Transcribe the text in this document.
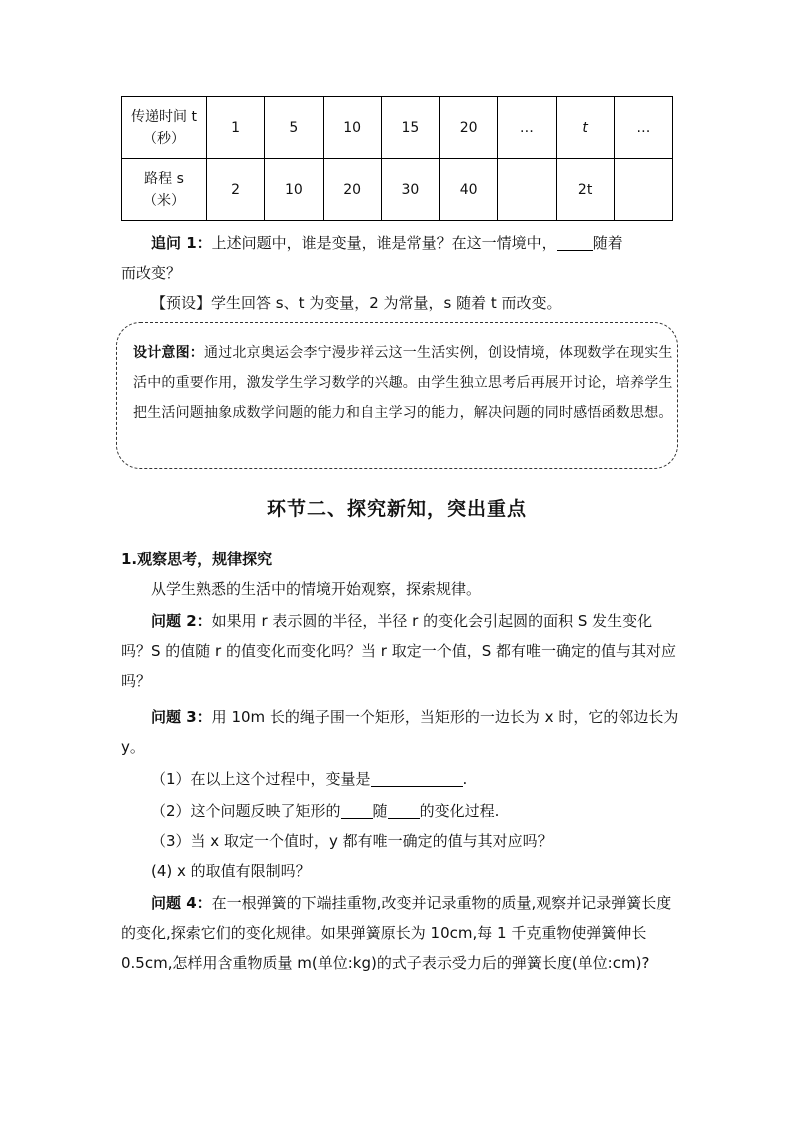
传递时间 t
（秒）	1	5	10	15	20	…	t	…
路程 s
（米）	2	10	20	30	40		2t	

追问 1：上述问题中，谁是变量，谁是常量？在这一情境中， 随着
而改变？

【预设】学生回答 s、t 为变量，2 为常量，s 随着 t 而改变。

设计意图：通过北京奥运会李宁漫步祥云这一生活实例，创设情境，体现数学在现实生活中的重要作用，激发学生学习数学的兴趣。由学生独立思考后再展开讨论，培养学生把生活问题抽象成数学问题的能力和自主学习的能力，解决问题的同时感悟函数思想。

环节二、探究新知，突出重点

1.观察思考，规律探究

从学生熟悉的生活中的情境开始观察，探索规律。

问题 2：如果用 r 表示圆的半径，半径 r 的变化会引起圆的面积 S 发生变化吗？S 的值随 r 的值变化而变化吗？当 r 取定一个值，S 都有唯一确定的值与其对应吗？

问题 3：用 10m 长的绳子围一个矩形，当矩形的一边长为 x 时，它的邻边长为 y。

（1）在以上这个过程中，变量是	.

（2）这个问题反映了矩形的 随 的变化过程.

（3）当 x 取定一个值时，y 都有唯一确定的值与其对应吗？

(4) x 的取值有限制吗？

问题 4：在一根弹簧的下端挂重物,改变并记录重物的质量,观察并记录弹簧长度的变化,探索它们的变化规律。如果弹簧原长为 10cm,每 1 千克重物使弹簧伸长 0.5cm,怎样用含重物质量 m(单位:kg)的式子表示受力后的弹簧长度(单位:cm)?
